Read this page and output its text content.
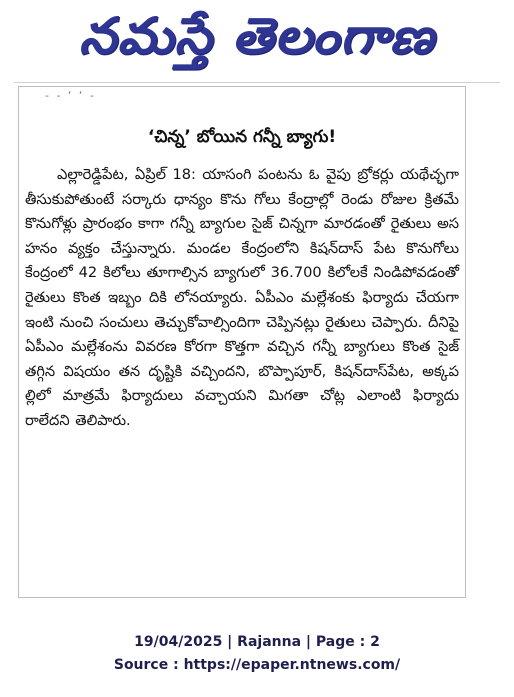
నమస్తే తెలంగాణ
- - ‘ ‘ -
‘చిన్న’ బోయిన గన్నీ బ్యాగు!
ఎల్లారెడ్డిపేట, ఏప్రిల్ 18: యాసంగి పంటను ఓ వైపు బ్రోకర్లు యథేచ్ఛగా తీసుకుపోతుంటే సర్కారు ధాన్యం కొను గోలు కేంద్రాల్లో రెండు రోజుల క్రితమే కొనుగోళ్లు ప్రారంభం కాగా గన్నీ బ్యాగుల సైజ్ చిన్నగా మారడంతో రైతులు అస హనం వ్యక్తం చేస్తున్నారు. మండల కేంద్రంలోని కిషన్‌దాస్ పేట కొనుగోలు కేంద్రంలో 42 కిలోలు తూగాల్సిన బ్యాగులో 36.700 కిలోలకే నిండిపోవడంతో రైతులు కొంత ఇబ్బం దికి లోనయ్యారు. ఏపీఎం మల్లేశంకు ఫిర్యాదు చేయగా ఇంటి నుంచి సంచులు తెచ్చుకోవాల్సిందిగా చెప్పినట్లు రైతులు చెప్పారు. దీనిపై ఏపీఎం మల్లేశంను వివరణ కోరగా కొత్తగా వచ్చిన గన్నీ బ్యాగులు కొంత సైజ్ తగ్గిన విషయం తన దృష్టికి వచ్చిందని, బొప్పాపూర్, కిషన్‌దాస్‌పేట, అక్కప ల్లిలో మాత్రమే ఫిర్యాదులు వచ్చాయని మిగతా చోట్ల ఎలాంటి ఫిర్యాదు రాలేదని తెలిపారు.
19/04/2025 | Rajanna | Page : 2
Source : https://epaper.ntnews.com/
